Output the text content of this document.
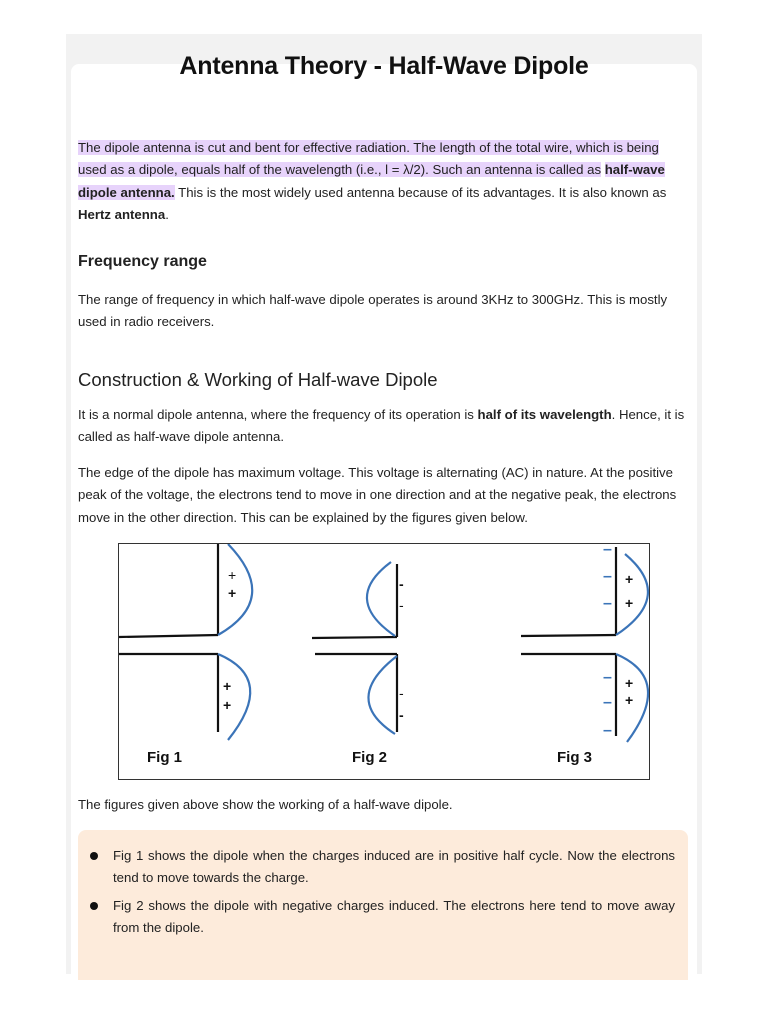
Antenna Theory - Half-Wave Dipole
The dipole antenna is cut and bent for effective radiation. The length of the total wire, which is being used as a dipole, equals half of the wavelength (i.e., l = λ/2). Such an antenna is called as half-wave dipole antenna. This is the most widely used antenna because of its advantages. It is also known as Hertz antenna.
Frequency range
The range of frequency in which half-wave dipole operates is around 3KHz to 300GHz. This is mostly used in radio receivers.
Construction & Working of Half-wave Dipole
It is a normal dipole antenna, where the frequency of its operation is half of its wavelength. Hence, it is called as half-wave dipole antenna.
The edge of the dipole has maximum voltage. This voltage is alternating (AC) in nature. At the positive peak of the voltage, the electrons tend to move in one direction and at the negative peak, the electrons move in the other direction. This can be explained by the figures given below.
+
+
+
+
-
-
-
-
+
+
+
+
–
–
–
–
–
–
Fig 1	Fig 2	Fig 3
The figures given above show the working of a half-wave dipole.
Fig 1 shows the dipole when the charges induced are in positive half cycle. Now the electrons tend to move towards the charge.
Fig 2 shows the dipole with negative charges induced. The electrons here tend to move away from the dipole.
